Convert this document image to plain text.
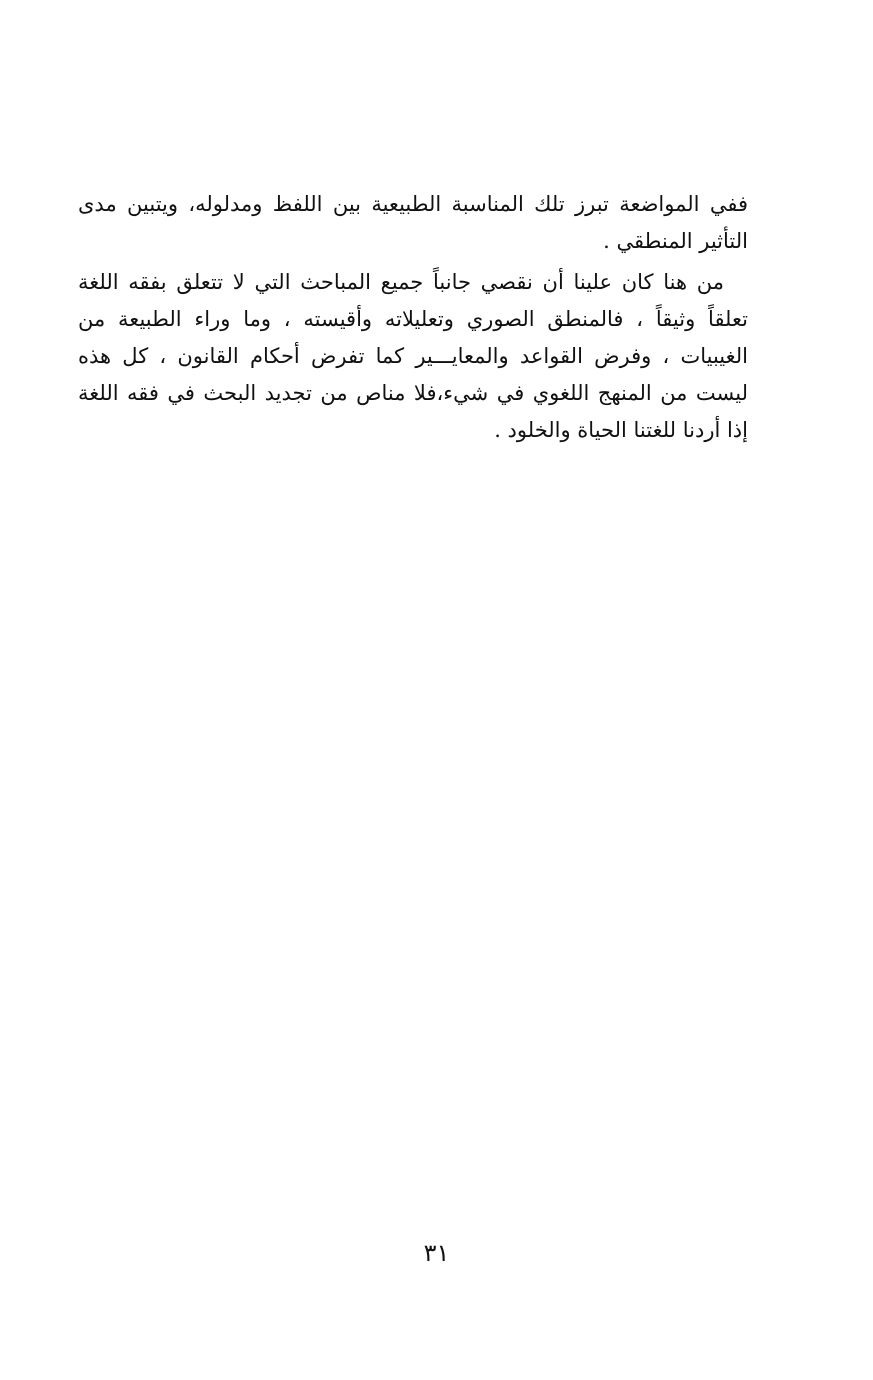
ففي المواضعة تبرز تلك المناسبة الطبيعية بين اللفظ ومدلوله، ويتبين مدى التأثير المنطقي .

من هنا كان علينا أن نقصي جانباً جميع المباحث التي لا تتعلق بفقه اللغة تعلقاً وثيقاً ، فالمنطق الصوري وتعليلاته وأقيسته ، وما وراء الطبيعة من الغيبيات ، وفرض القواعد والمعايـــير كما تفرض أحكام القانون ، كل هذه ليست من المنهج اللغوي في شيء،فلا مناص من تجديد البحث في فقه اللغة إذا أردنا للغتنا الحياة والخلود .

٣١
